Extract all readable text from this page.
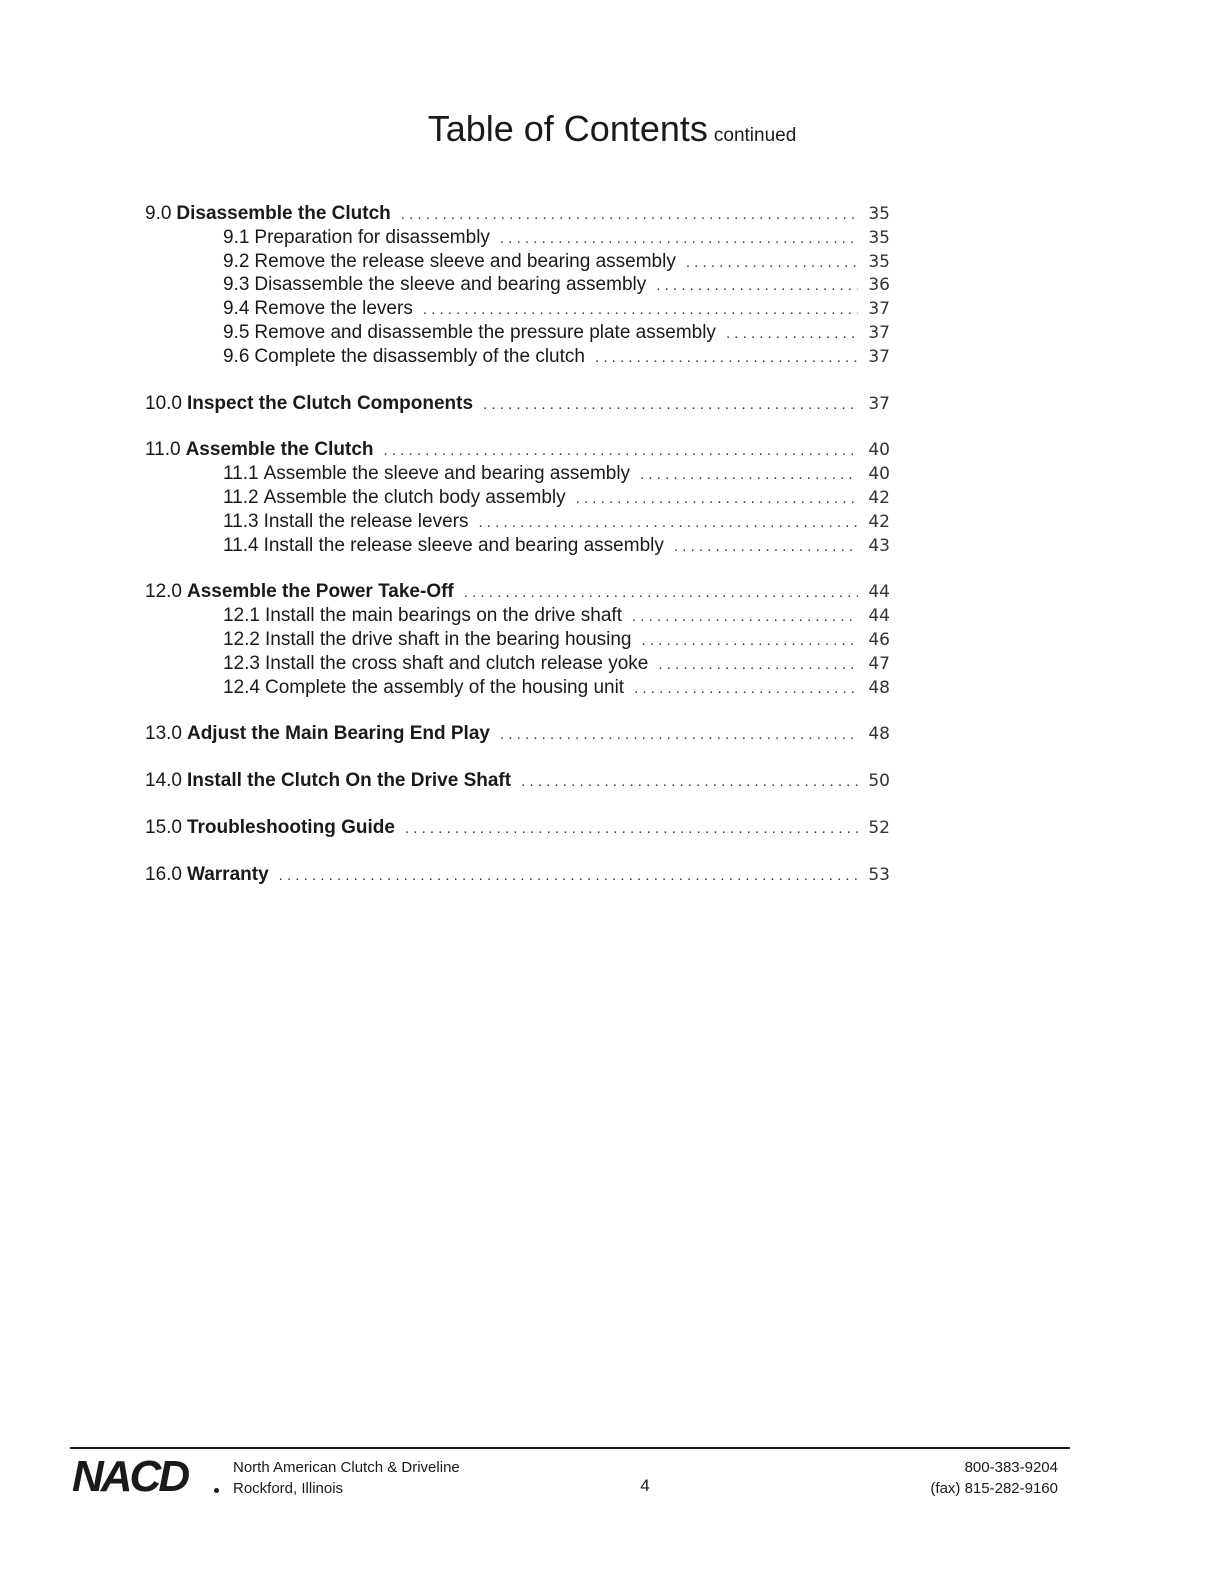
Table of Contents continued
9.0 Disassemble the Clutch . . .	35
9.1 Preparation for disassembly . . .	35
9.2 Remove the release sleeve and bearing assembly . . .	35
9.3 Disassemble the sleeve and bearing assembly . . .	36
9.4 Remove the levers . . .	37
9.5 Remove and disassemble the pressure plate assembly . . .	37
9.6 Complete the disassembly of the clutch . . .	37
10.0 Inspect the Clutch Components . . .	37
11.0 Assemble the Clutch . . .	40
11.1 Assemble the sleeve and bearing assembly . . .	40
11.2 Assemble the clutch body assembly . . .	42
11.3 Install the release levers . . .	42
11.4 Install the release sleeve and bearing assembly . . .	43
12.0 Assemble the Power Take-Off . . .	44
12.1 Install the main bearings on the drive shaft . . .	44
12.2 Install the drive shaft in the bearing housing . . .	46
12.3 Install the cross shaft and clutch release yoke . . .	47
12.4 Complete the assembly of the housing unit . . .	48
13.0 Adjust the Main Bearing End Play . . .	48
14.0 Install the Clutch On the Drive Shaft . . .	50
15.0 Troubleshooting Guide . . .	52
16.0 Warranty . . .	53
NACD	North American Clutch & Driveline
Rockford, Illinois	4
800-383-9204
(fax) 815-282-9160
